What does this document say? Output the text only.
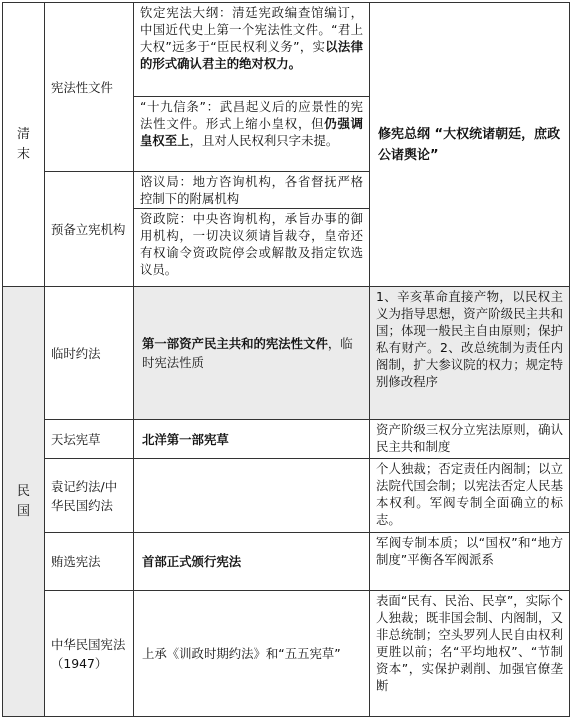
清末
宪法性文件
钦定宪法大纲：清廷宪政编查馆编订，中国近代史上第一个宪法性文件。“君上大权”远多于“臣民权利义务”，实以法律的形式确认君主的绝对权力。
“十九信条”：武昌起义后的应景性的宪法性文件。形式上缩小皇权，但仍强调皇权至上，且对人民权利只字未提。
预备立宪机构
谘议局：地方咨询机构，各省督抚严格控制下的附属机构
资政院：中央咨询机构，承旨办事的御用机构，一切决议须请旨裁夺，皇帝还有权谕令资政院停会或解散及指定钦选议员。
修宪总纲 “大权统诸朝廷，庶政公诸舆论”
民国
临时约法
第一部资产民主共和的宪法性文件，临时宪法性质
1、辛亥革命直接产物，以民权主义为指导思想，资产阶级民主共和国；体现一般民主自由原则；保护私有财产。2、改总统制为责任内阁制，扩大参议院的权力；规定特别修改程序
天坛宪草	北洋第一部宪草
资产阶级三权分立宪法原则，确认民主共和制度
袁记约法/中华民国约法
个人独裁；否定责任内阁制；以立法院代国会制；以宪法否定人民基本权利。军阀专制全面确立的标志。
贿选宪法	首部正式颁行宪法
军阀专制本质；以“国权”和“地方制度”平衡各军阀派系
中华民国宪法（1947）
上承《训政时期约法》和“五五宪草”
表面“民有、民治、民享”，实际个人独裁；既非国会制、内阁制，又非总统制；空头罗列人民自由权利更胜以前；名“平均地权”、“节制资本”，实保护剥削、加强官僚垄断
